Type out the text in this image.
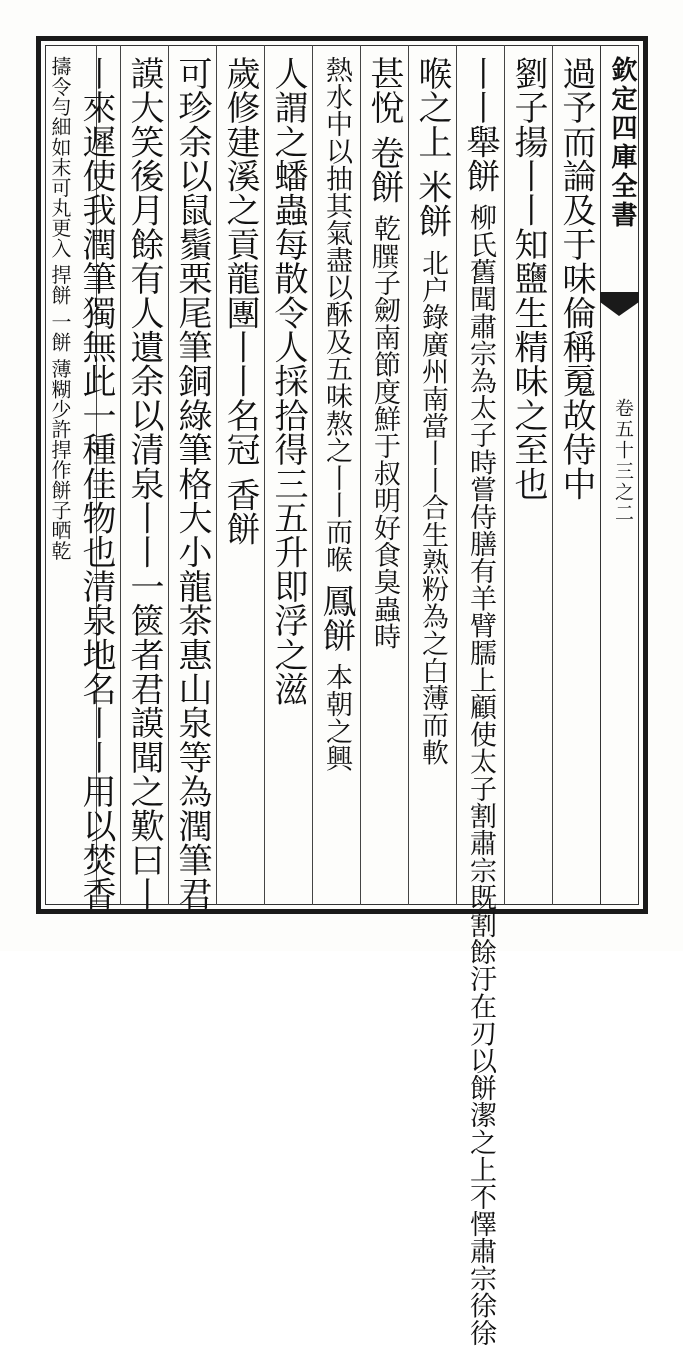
欽定四庫全書
卷五十三之二
過予而論及于味倫稱䰟故侍中
劉子揚丨丨知鹽生精味之至也
丨丨舉餅 柳氏舊聞肅宗為太子時嘗侍膳有羊臂臑上顧使太子割肅宗既割餘汙在刃以餅潔之上不懌肅宗徐徐
喉之上 米餅 北户錄廣州南當丨丨合生熟粉為之白薄而軟
甚悅 卷餅 乾𦠆子劒南節度鮮于叔明好食臭蟲時
熱水中以抽其氣盡以酥及五味熬之丨丨而喉 鳳餅 本朝之興
人謂之蟠蟲每散令人採拾得三五升即浮之滋
歲修建溪之貢龍團丨丨名冠 香餅
可珍余以鼠鬚栗尾筆銅綠筆格大小龍茶惠山泉等為潤筆君
謨大笑後月餘有人遺余以清泉丨丨一篋者君謨聞之歎曰丨
丨來遲使我潤筆獨無此一種佳物也清泉地名丨丨用以焚香
擣令勻細如末可丸更入 捍餅 一餅 薄糊少許捍作餅子晒乾
